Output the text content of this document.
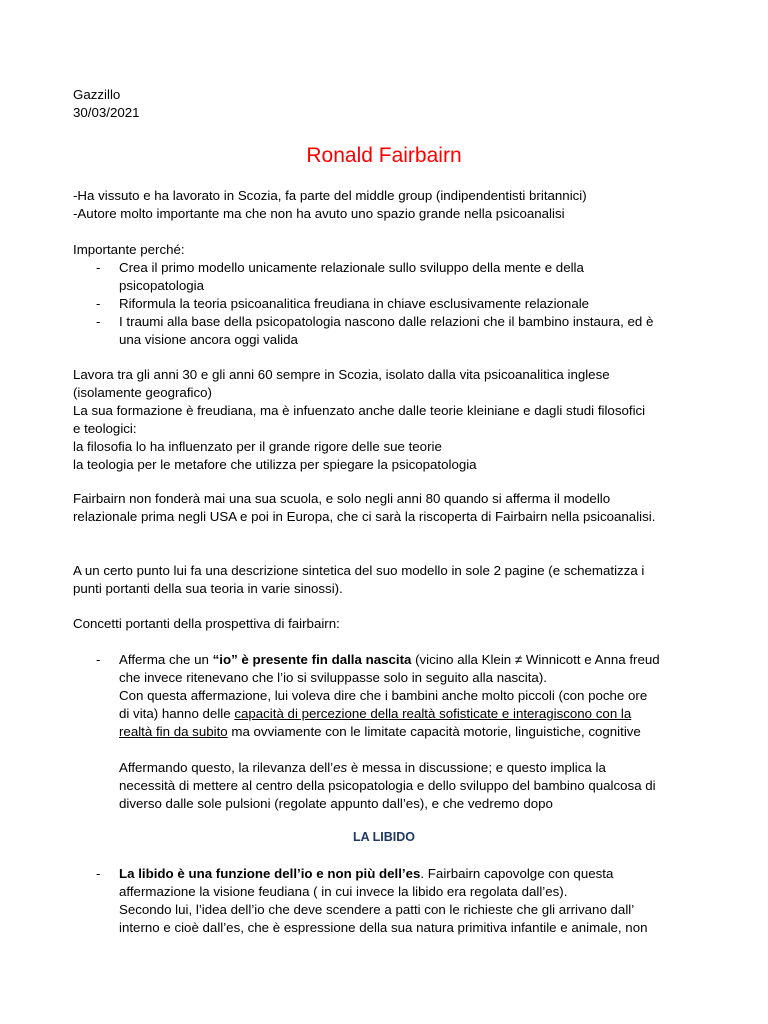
Gazzillo
30/03/2021
Ronald Fairbairn
-Ha vissuto e ha lavorato in Scozia, fa parte del middle group (indipendentisti britannici)
-Autore molto importante ma che non ha avuto uno spazio grande nella psicoanalisi
Importante perché:
- Crea il primo modello unicamente relazionale sullo sviluppo della mente e della
psicopatologia
- Riformula la teoria psicoanalitica freudiana in chiave esclusivamente relazionale
- I traumi alla base della psicopatologia nascono dalle relazioni che il bambino instaura, ed è
una visione ancora oggi valida
Lavora tra gli anni 30 e gli anni 60 sempre in Scozia, isolato dalla vita psicoanalitica inglese
(isolamente geografico)
La sua formazione è freudiana, ma è infuenzato anche dalle teorie kleiniane e dagli studi filosofici
e teologici:
la filosofia lo ha influenzato per il grande rigore delle sue teorie
la teologia per le metafore che utilizza per spiegare la psicopatologia
Fairbairn non fonderà mai una sua scuola, e solo negli anni 80 quando si afferma il modello
relazionale prima negli USA e poi in Europa, che ci sarà la riscoperta di Fairbairn nella psicoanalisi.
A un certo punto lui fa una descrizione sintetica del suo modello in sole 2 pagine (e schematizza i
punti portanti della sua teoria in varie sinossi).
Concetti portanti della prospettiva di fairbairn:
- Afferma che un “io” è presente fin dalla nascita (vicino alla Klein ≠ Winnicott e Anna freud
che invece ritenevano che l’io si sviluppasse solo in seguito alla nascita).
Con questa affermazione, lui voleva dire che i bambini anche molto piccoli (con poche ore
di vita) hanno delle capacità di percezione della realtà sofisticate e interagiscono con la
realtà fin da subito ma ovviamente con le limitate capacità motorie, linguistiche, cognitive
Affermando questo, la rilevanza dell’es è messa in discussione; e questo implica la
necessità di mettere al centro della psicopatologia e dello sviluppo del bambino qualcosa di
diverso dalle sole pulsioni (regolate appunto dall’es), e che vedremo dopo
LA LIBIDO
- La libido è una funzione dell’io e non più dell’es. Fairbairn capovolge con questa
affermazione la visione feudiana ( in cui invece la libido era regolata dall’es).
Secondo lui, l’idea dell’io che deve scendere a patti con le richieste che gli arrivano dall’
interno e cioè dall’es, che è espressione della sua natura primitiva infantile e animale, non
